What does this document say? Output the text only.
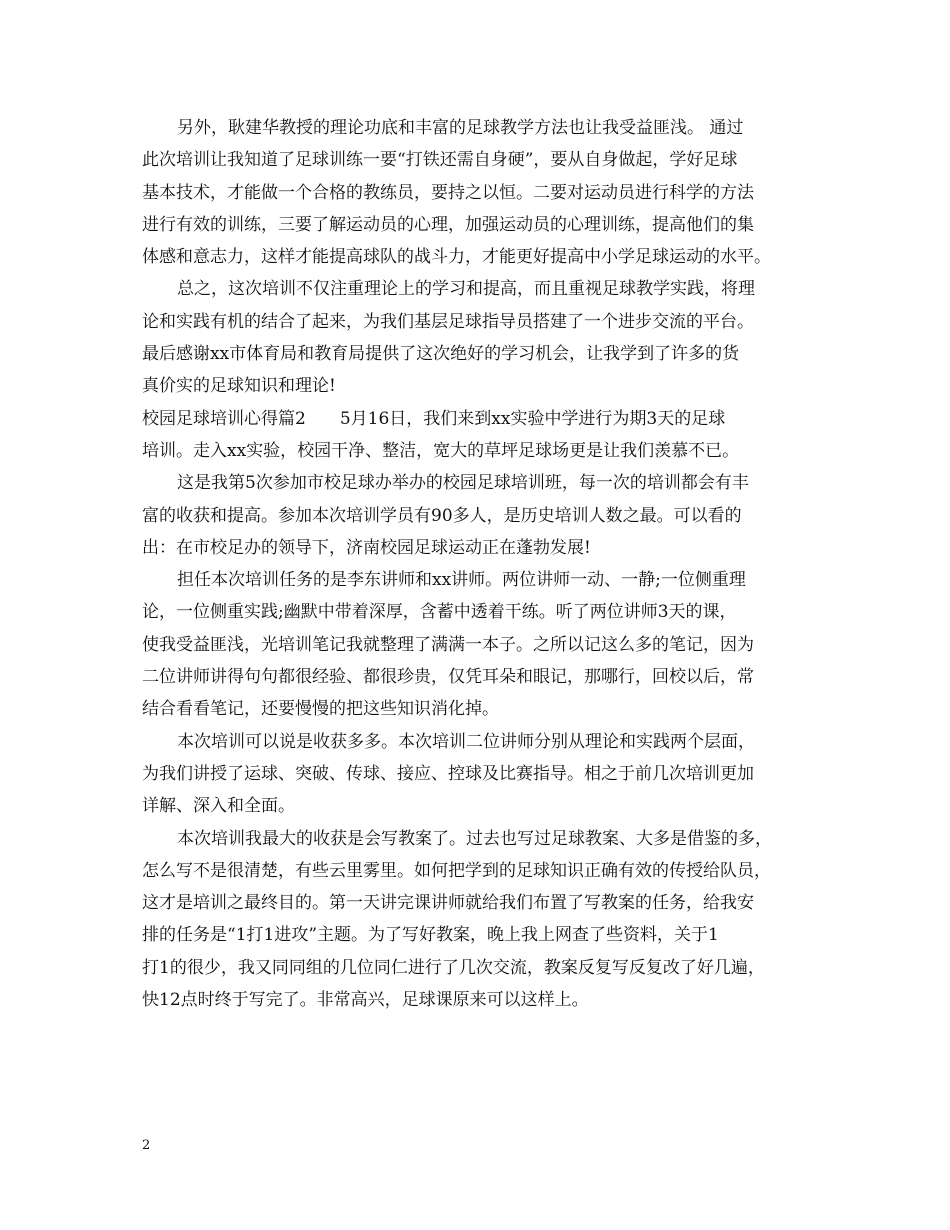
另外，耿建华教授的理论功底和丰富的足球教学方法也让我受益匪浅。 通过
此次培训让我知道了足球训练一要“打铁还需自身硬”，要从自身做起，学好足球
基本技术，才能做一个合格的教练员，要持之以恒。二要对运动员进行科学的方法
进行有效的训练，三要了解运动员的心理，加强运动员的心理训练，提高他们的集
体感和意志力，这样才能提高球队的战斗力，才能更好提高中小学足球运动的水平。
总之，这次培训不仅注重理论上的学习和提高，而且重视足球教学实践，将理
论和实践有机的结合了起来，为我们基层足球指导员搭建了一个进步交流的平台。
最后感谢xx市体育局和教育局提供了这次绝好的学习机会，让我学到了许多的货
真价实的足球知识和理论!
校园足球培训心得篇2　　5月16日，我们来到xx实验中学进行为期3天的足球
培训。走入xx实验，校园干净、整洁，宽大的草坪足球场更是让我们羡慕不已。
这是我第5次参加市校足球办举办的校园足球培训班，每一次的培训都会有丰
富的收获和提高。参加本次培训学员有90多人，是历史培训人数之最。可以看的
出：在市校足办的领导下，济南校园足球运动正在蓬勃发展!
担任本次培训任务的是李东讲师和xx讲师。两位讲师一动、一静;一位侧重理
论，一位侧重实践;幽默中带着深厚，含蓄中透着干练。听了两位讲师3天的课，
使我受益匪浅，光培训笔记我就整理了满满一本子。之所以记这么多的笔记，因为
二位讲师讲得句句都很经验、都很珍贵，仅凭耳朵和眼记，那哪行，回校以后，常
结合看看笔记，还要慢慢的把这些知识消化掉。
本次培训可以说是收获多多。本次培训二位讲师分别从理论和实践两个层面，
为我们讲授了运球、突破、传球、接应、控球及比赛指导。相之于前几次培训更加
详解、深入和全面。
本次培训我最大的收获是会写教案了。过去也写过足球教案、大多是借鉴的多，
怎么写不是很清楚，有些云里雾里。如何把学到的足球知识正确有效的传授给队员，
这才是培训之最终目的。第一天讲完课讲师就给我们布置了写教案的任务，给我安
排的任务是“1打1进攻”主题。为了写好教案，晚上我上网查了些资料，关于1
打1的很少，我又同同组的几位同仁进行了几次交流，教案反复写反复改了好几遍，
快12点时终于写完了。非常高兴，足球课原来可以这样上。
2
